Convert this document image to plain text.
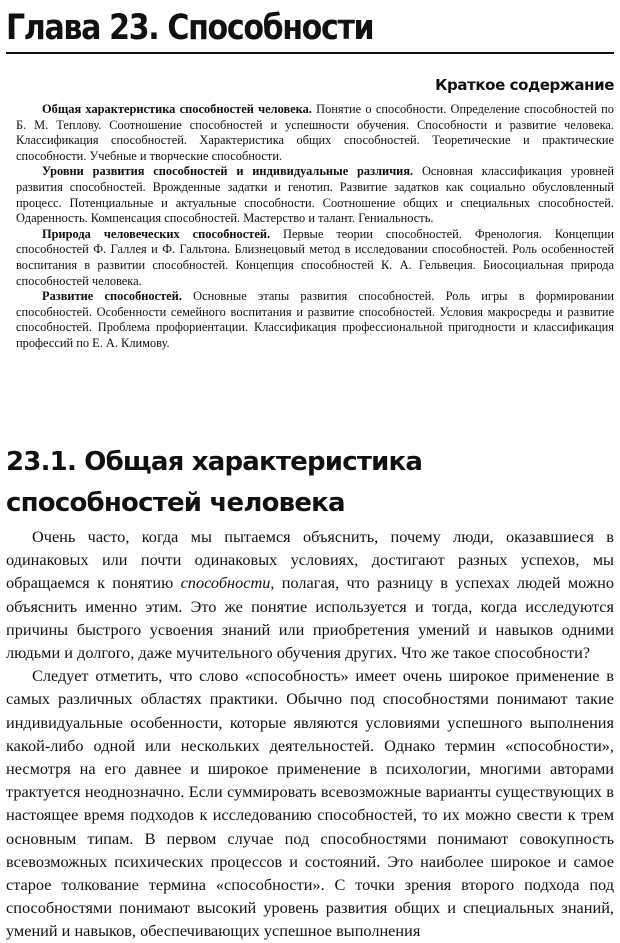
Глава 23. Способности
Краткое содержание

Общая характеристика способностей человека. Понятие о способности. Определение способностей по Б. М. Теплову. Соотношение способностей и успешности обучения. Способности и развитие человека. Классификация способностей. Характеристика общих способностей. Теоретические и практические способности. Учебные и творческие способности.

Уровни развития способностей и индивидуальные различия. Основная классификация уровней развития способностей. Врожденные задатки и генотип. Развитие задатков как социально обусловленный процесс. Потенциальные и актуальные способности. Соотношение общих и специальных способностей. Одаренность. Компенсация способностей. Мастерство и талант. Гениальность.

Природа человеческих способностей. Первые теории способностей. Френология. Концепции способностей Ф. Галлея и Ф. Гальтона. Близнецовый метод в исследовании способностей. Роль особенностей воспитания в развитии способностей. Концепция способностей К. А. Гельвеция. Биосоциальная природа способностей человека.

Развитие способностей. Основные этапы развития способностей. Роль игры в формировании способностей. Особенности семейного воспитания и развитие способностей. Условия макросреды и развитие способностей. Проблема профориентации. Классификация профессиональной пригодности и классификация профессий по Е. А. Климову.

23.1. Общая характеристика
способностей человека

Очень часто, когда мы пытаемся объяснить, почему люди, оказавшиеся в одинаковых или почти одинаковых условиях, достигают разных успехов, мы обращаемся к понятию способности, полагая, что разницу в успехах людей можно объяснить именно этим. Это же понятие используется и тогда, когда исследуются причины быстрого усвоения знаний или приобретения умений и навыков одними людьми и долгого, даже мучительного обучения других. Что же такое способности?

Следует отметить, что слово «способность» имеет очень широкое применение в самых различных областях практики. Обычно под способностями понимают такие индивидуальные особенности, которые являются условиями успешного выполнения какой-либо одной или нескольких деятельностей. Однако термин «способности», несмотря на его давнее и широкое применение в психологии, многими авторами трактуется неоднозначно. Если суммировать всевозможные варианты существующих в настоящее время подходов к исследованию способностей, то их можно свести к трем основным типам. В первом случае под способностями понимают совокупность всевозможных психических процессов и состояний. Это наиболее широкое и самое старое толкование термина «способности». С точки зрения второго подхода под способностями понимают высокий уровень развития общих и специальных знаний, умений и навыков, обеспечивающих успешное выполнения
